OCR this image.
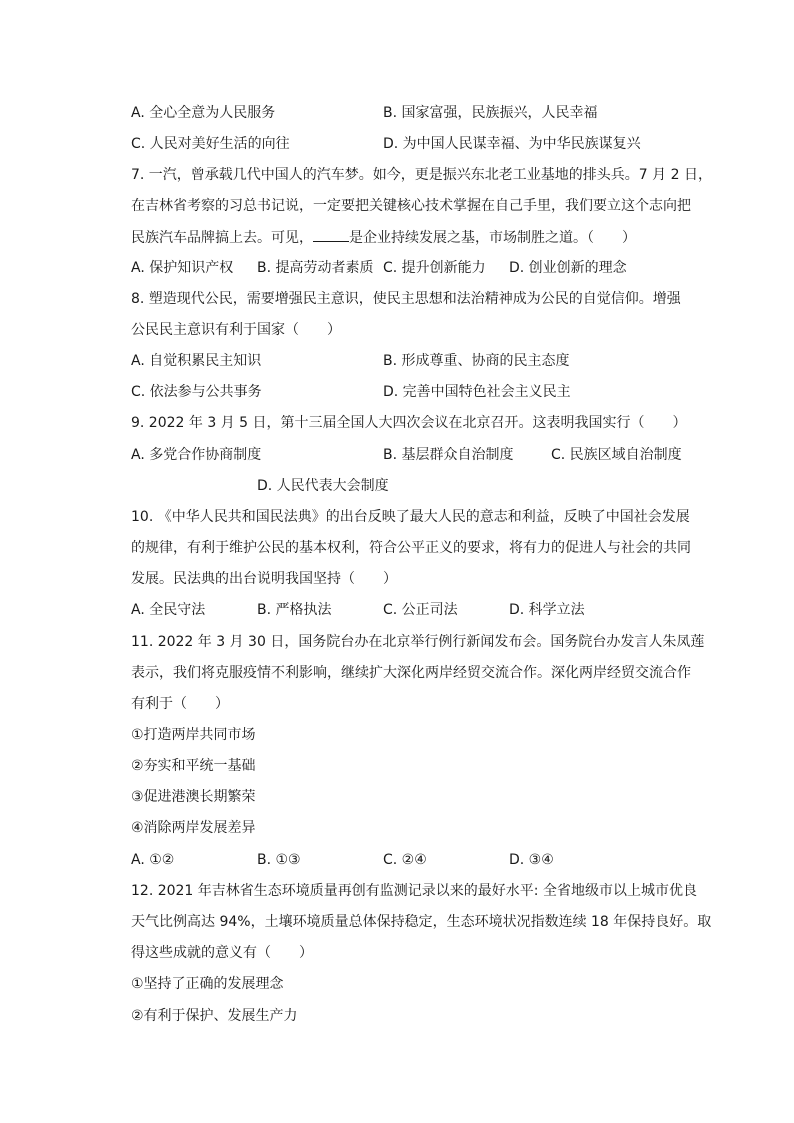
A. 全心全意为人民服务	B. 国家富强，民族振兴，人民幸福
C. 人民对美好生活的向往	D. 为中国人民谋幸福、为中华民族谋复兴
7. 一汽，曾承载几代中国人的汽车梦。如今，更是振兴东北老工业基地的排头兵。7 月 2 日，
在吉林省考察的习总书记说，一定要把关键核心技术掌握在自己手里，我们要立这个志向把
民族汽车品牌搞上去。可见，	是企业持续发展之基，市场制胜之道。（　　）
A. 保护知识产权 B. 提高劳动者素质 C. 提升创新能力 D. 创业创新的理念
8. 塑造现代公民，需要增强民主意识，使民主思想和法治精神成为公民的自觉信仰。增强
公民民主意识有利于国家（　　）
A. 自觉积累民主知识	B. 形成尊重、协商的民主态度
C. 依法参与公共事务	D. 完善中国特色社会主义民主
9. 2022 年 3 月 5 日，第十三届全国人大四次会议在北京召开。这表明我国实行（　　）
A. 多党合作协商制度	B. 基层群众自治制度	C. 民族区域自治制度
D. 人民代表大会制度
10. 《中华人民共和国民法典》的出台反映了最大人民的意志和利益，反映了中国社会发展
的规律，有利于维护公民的基本权利，符合公平正义的要求，将有力的促进人与社会的共同
发展。民法典的出台说明我国坚持（　　）
A. 全民守法	B. 严格执法	C. 公正司法	D. 科学立法
11. 2022 年 3 月 30 日，国务院台办在北京举行例行新闻发布会。国务院台办发言人朱凤莲
表示，我们将克服疫情不利影响，继续扩大深化两岸经贸交流合作。深化两岸经贸交流合作
有利于（　　）
①打造两岸共同市场
②夯实和平统一基础
③促进港澳长期繁荣
④消除两岸发展差异
A. ①②	B. ①③	C. ②④	D. ③④
12. 2021 年吉林省生态环境质量再创有监测记录以来的最好水平: 全省地级市以上城市优良
天气比例高达 94%，土壤环境质量总体保持稳定，生态环境状况指数连续 18 年保持良好。取
得这些成就的意义有（　　）
①坚持了正确的发展理念
②有利于保护、发展生产力
